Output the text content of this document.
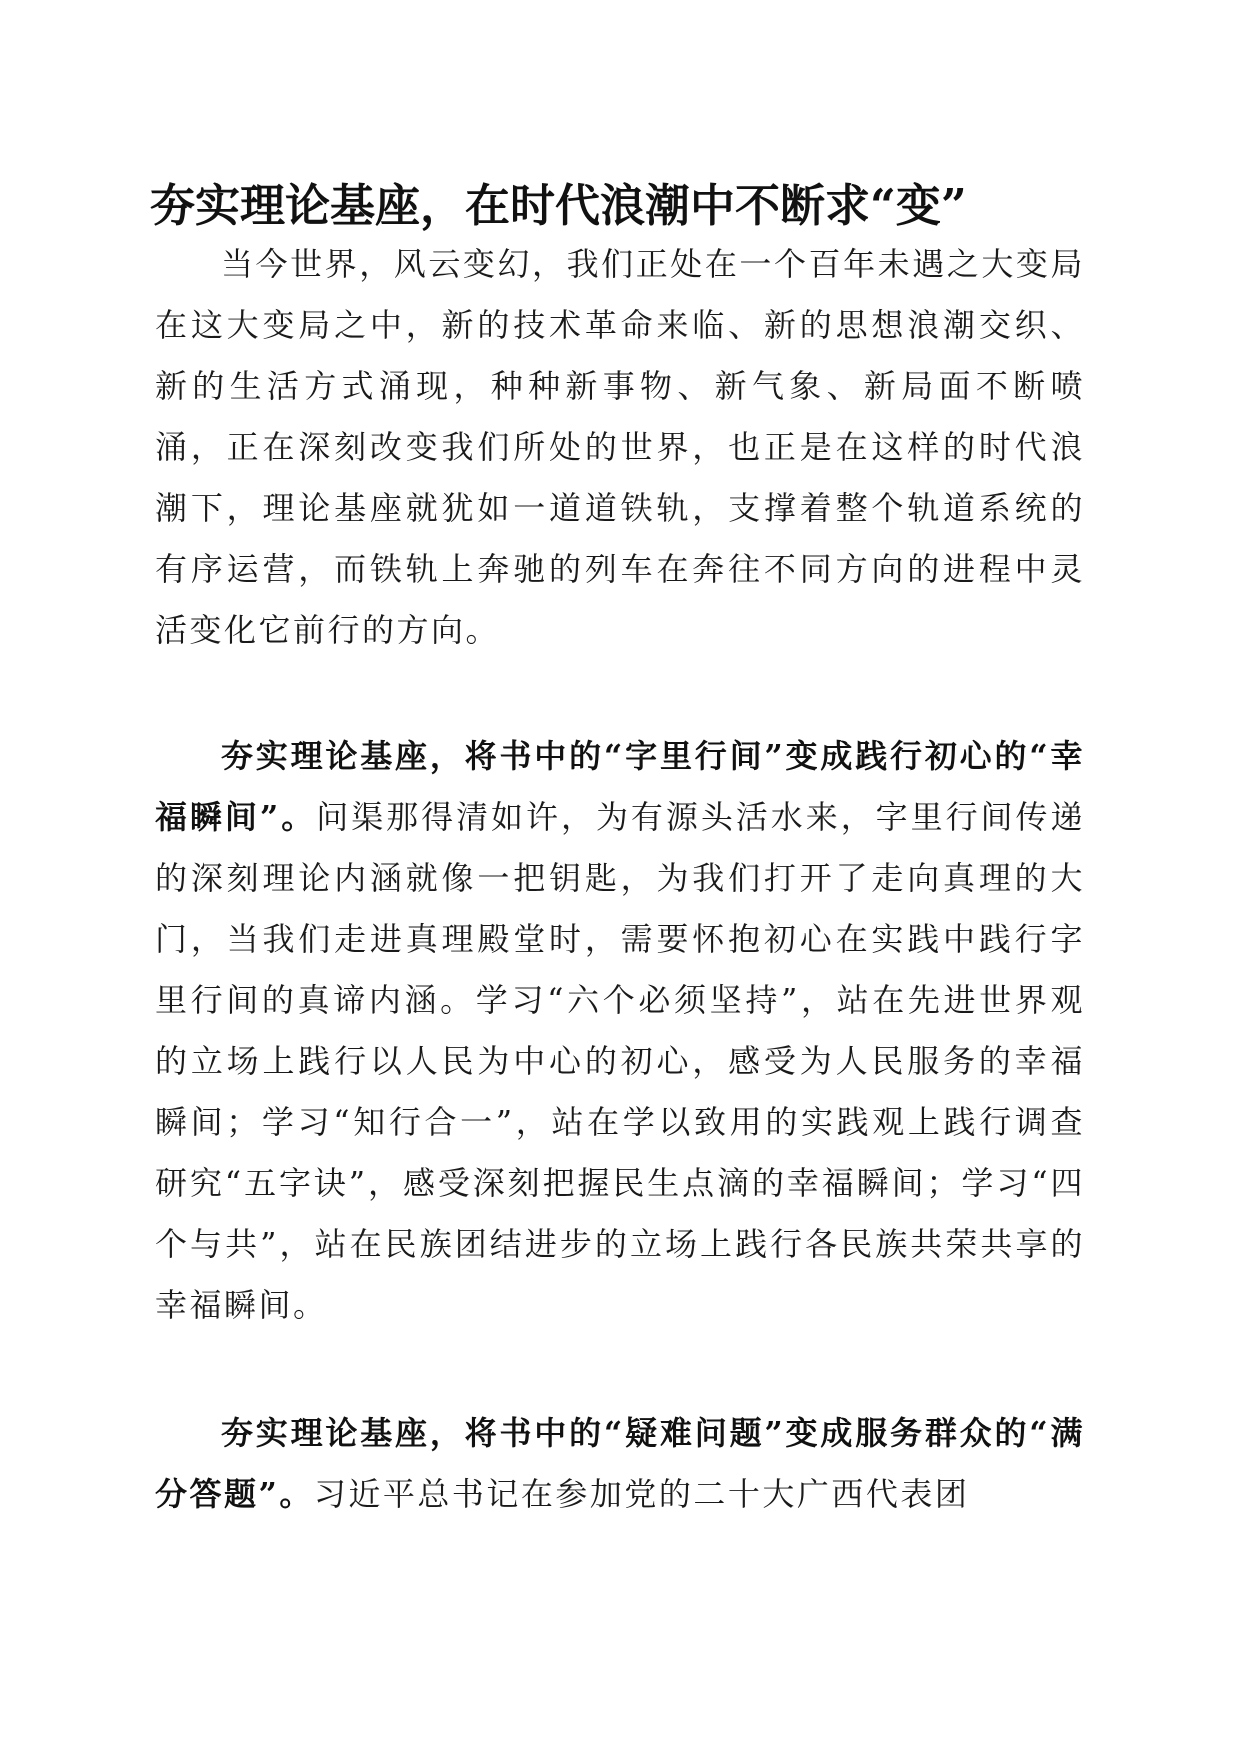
夯实理论基座，在时代浪潮中不断求“变”
当今世界，风云变幻，我们正处在一个百年未遇之大变局在这大变局之中，新的技术革命来临、新的思想浪潮交织、新的生活方式涌现，种种新事物、新气象、新局面不断喷涌，正在深刻改变我们所处的世界，也正是在这样的时代浪潮下，理论基座就犹如一道道铁轨，支撑着整个轨道系统的有序运营，而铁轨上奔驰的列车在奔往不同方向的进程中灵活变化它前行的方向。
夯实理论基座，将书中的“字里行间”变成践行初心的“幸福瞬间”。问渠那得清如许，为有源头活水来，字里行间传递的深刻理论内涵就像一把钥匙，为我们打开了走向真理的大门，当我们走进真理殿堂时，需要怀抱初心在实践中践行字里行间的真谛内涵。学习“六个必须坚持”，站在先进世界观的立场上践行以人民为中心的初心，感受为人民服务的幸福瞬间；学习“知行合一”，站在学以致用的实践观上践行调查研究“五字诀”，感受深刻把握民生点滴的幸福瞬间；学习“四个与共”，站在民族团结进步的立场上践行各民族共荣共享的幸福瞬间。
夯实理论基座，将书中的“疑难问题”变成服务群众的“满分答题”。习近平总书记在参加党的二十大广西代表团
